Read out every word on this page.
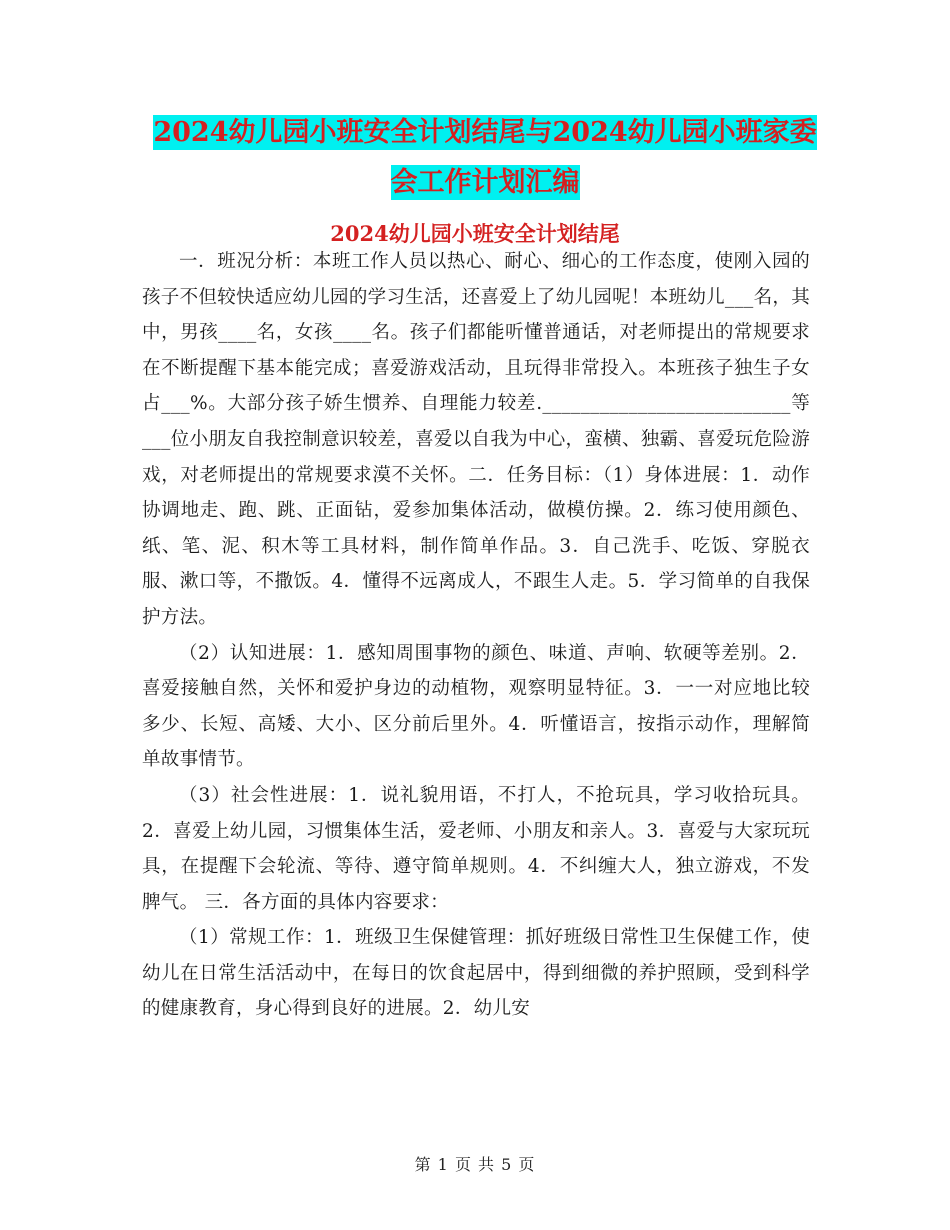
2024幼儿园小班安全计划结尾与2024幼儿园小班家委会工作计划汇编
2024幼儿园小班安全计划结尾

一．班况分析：本班工作人员以热心、耐心、细心的工作态度，使刚入园的孩子不但较快适应幼儿园的学习生活，还喜爱上了幼儿园呢！本班幼儿___名，其中，男孩____名，女孩____名。孩子们都能听懂普通话，对老师提出的常规要求在不断提醒下基本能完成；喜爱游戏活动，且玩得非常投入。本班孩子独生子女占___%。大部分孩子娇生惯养、自理能力较差.__________________________等___位小朋友自我控制意识较差，喜爱以自我为中心，蛮横、独霸、喜爱玩危险游戏，对老师提出的常规要求漠不关怀。二．任务目标：（1）身体进展：1．动作协调地走、跑、跳、正面钻，爱参加集体活动，做模仿操。2．练习使用颜色、纸、笔、泥、积木等工具材料，制作简单作品。3．自己洗手、吃饭、穿脱衣服、漱口等，不撒饭。4．懂得不远离成人，不跟生人走。5．学习简单的自我保护方法。

（2）认知进展：1．感知周围事物的颜色、味道、声响、软硬等差别。2．喜爱接触自然，关怀和爱护身边的动植物，观察明显特征。3．一一对应地比较多少、长短、高矮、大小、区分前后里外。4．听懂语言，按指示动作，理解简单故事情节。

（3）社会性进展：1．说礼貌用语，不打人，不抢玩具，学习收拾玩具。2．喜爱上幼儿园，习惯集体生活，爱老师、小朋友和亲人。3．喜爱与大家玩玩具，在提醒下会轮流、等待、遵守简单规则。4．不纠缠大人，独立游戏，不发脾气。 三．各方面的具体内容要求：

（1）常规工作：1．班级卫生保健管理：抓好班级日常性卫生保健工作，使幼儿在日常生活活动中，在每日的饮食起居中，得到细微的养护照顾，受到科学的健康教育，身心得到良好的进展。2．幼儿安

第 1 页 共 5 页
